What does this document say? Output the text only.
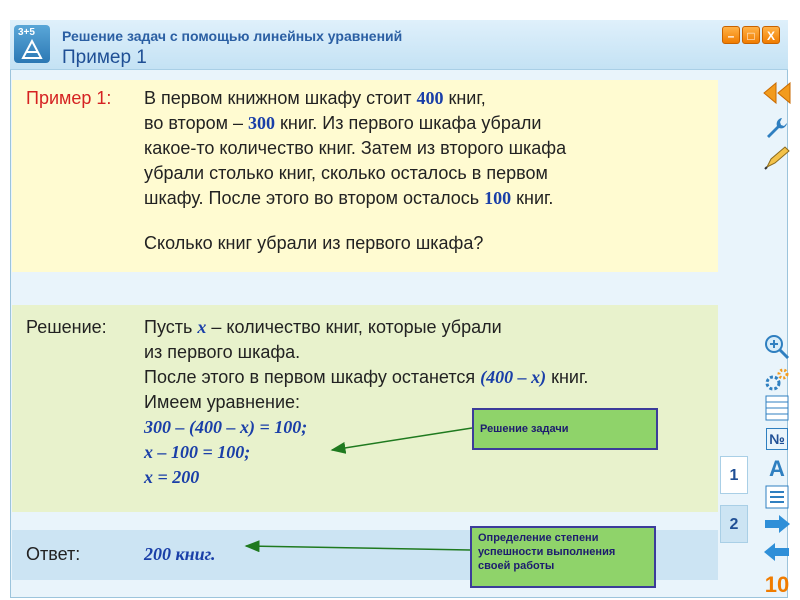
3+5 Решение задач с помощью линейных уравнений
Пример 1
–	□	X
Пример 1: В первом книжном шкафу стоит 400 книг,
во втором – 300 книг. Из первого шкафа убрали
какое-то количество книг. Затем из второго шкафа
убрали столько книг, сколько осталось в первом
шкафу. После этого во втором осталось 100 книг.
Сколько книг убрали из первого шкафа?
Решение: Пусть x – количество книг, которые убрали
из первого шкафа.
После этого в первом шкафу останется (400 – x) книг.
Имеем уравнение:
300 – (400 – x) = 100;
x – 100 = 100;
x = 200
Ответ:	200 книг.
1
2
Решение задачи
Определение степени успешности выполнения своей работы
№
А
10
